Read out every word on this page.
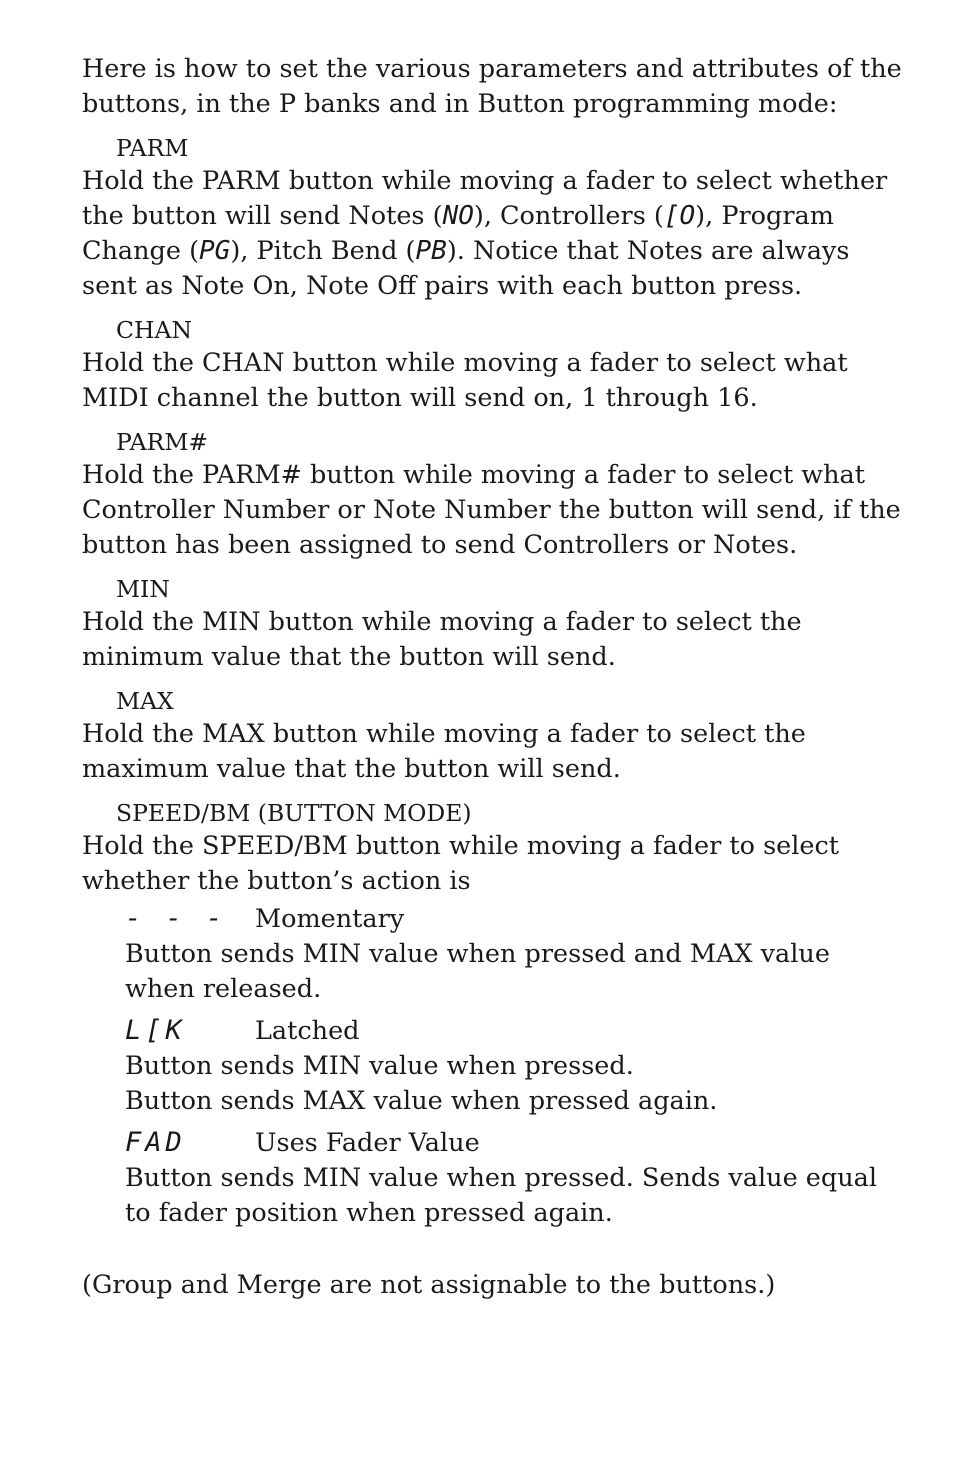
Here is how to set the various parameters and attributes of the

buttons, in the P banks and in Button programming mode:

PARM

Hold the PARM button while moving a fader to select whether

the button will send Notes (NO), Controllers ([O), Program

Change (PG), Pitch Bend (PB). Notice that Notes are always

sent as Note On, Note Off pairs with each button press.

CHAN

Hold the CHAN button while moving a fader to select what

MIDI channel the button will send on, 1 through 16.

PARM#

Hold the PARM# button while moving a fader to select what

Controller Number or Note Number the button will send, if the

button has been assigned to send Controllers or Notes.

MIN

Hold the MIN button while moving a fader to select the

minimum value that the button will send.

MAX

Hold the MAX button while moving a fader to select the

maximum value that the button will send.

SPEED/BM (BUTTON MODE)

Hold the SPEED/BM button while moving a fader to select

whether the button’s action is

- - -	Momentary

Button sends MIN value when pressed and MAX value

when released.

L[K	Latched

Button sends MIN value when pressed.

Button sends MAX value when pressed again.

FAD	Uses Fader Value

Button sends MIN value when pressed. Sends value equal

to fader position when pressed again.

(Group and Merge are not assignable to the buttons.)
